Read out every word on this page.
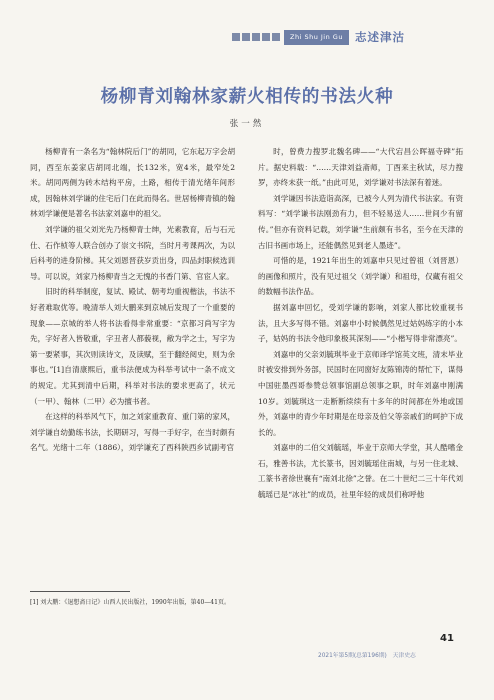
Zhi Shu Jin Gu 志述津沽
杨柳青刘翰林家薪火相传的书法火种
张一然

杨柳青有一条名为“翰林院后门”的胡同，它东起万字会胡同，西至东姜家店胡同北端，长132米，宽4米，最窄处2米。胡同两侧为砖木结构平房，土路，相传于清光绪年间形成，因翰林刘学谦的住宅后门在此而得名。世居杨柳青镇的翰林刘学谦便是著名书法家刘嘉申的祖父。

刘学谦的祖父刘光先乃杨柳青士绅，光素教育，后与石元仕、石作桢等人联合创办了崇文书院，当时月考课两次，为以后科考的进身阶梯。其父刘恩晋获岁贡出身，四品封职候选训导。可以说，刘家乃杨柳青当之无愧的书香门第、官宦人家。

旧时的科举制度，复试、殿试、朝考均重视楷法，书法不好者难取优等。晚清举人刘大鹏来到京城后发现了一个重要的现象——京城的举人将书法看得非常重要：“京都习尚写字为先，字好者入皆敬重，字丑者人都藐视，敝为学之士，写字为第一要紧事，其次则读诗文，及读赋，至于翻经阅史，则为余事也。”[1]自清康熙后，重书法便成为科举考试中一条不成文的规定。尤其到清中后期，科举对书法的要求更高了，状元（一甲）、翰林（二甲）必为擅书者。

在这样的科举风气下，加之刘家重教育、重门第的家风，刘学谦自幼勤练书法，长期研习，写得一手好字，在当时颇有名气。光绪十二年（1886），刘学谦充了西科陕西乡试副考官

时，曾费力搜罗北魏名碑——“大代宕昌公晖福寺碑”拓片。据史料载：“……天津刘益斋师，丁酉来主秋试，尽力搜罗，亦终未获一纸。”由此可见，刘学谦对书法深有着迷。

刘学谦因书法造诣高深，已被今人列为清代书法家。有资料写：“刘学谦书法刚劲有力，但不轻易送人……世间少有留传。”但亦有资料记载，刘学谦“生前颇有书名，至今在天津的古旧书画市场上，还能偶然见到老人墨迹”。

可惜的是，1921年出生的刘嘉申只见过曾祖（刘晋恩）的画像和照片，没有见过祖父（刘学谦）和祖母，仅藏有祖父的数幅书法作品。

据刘嘉申回忆，受刘学谦的影响，刘家人都比较重视书法，且大多写得不错。刘嘉申小时候偶然见过姑妈练字的小本子，姑妈的书法令他印象极其深刻——“小楷写得非常漂亮”。

刘嘉申的父亲刘毓琪毕业于京师译学馆英文班，清末毕业时被安排到外务部，民国时在同窗好友陈锦涛的帮忙下，谋得中国驻墨西哥参赞总领事馆副总领事之职，时年刘嘉申刚满10岁。刘毓琪这一走断断续续有十多年的时间都在外地或国外，刘嘉申的青少年时期是在母亲及伯父等亲戚们的呵护下成长的。

刘嘉申的二伯父刘毓瑶，毕业于京师大学堂，其人酷嗜金石，雅善书法，尤长篆书，因刘毓瑶住南城，与另一住北城、工篆书者徐世襄有“南刘北徐”之誉。在二十世纪二三十年代刘毓瑶已是“冰社”的成员，社里年轻的成员们称呼他

[1] 刘大鹏：《退想斋日记》山西人民出版社，1990年出版，第40—41页。
41
2021年第5期(总第196期)　天津史志
